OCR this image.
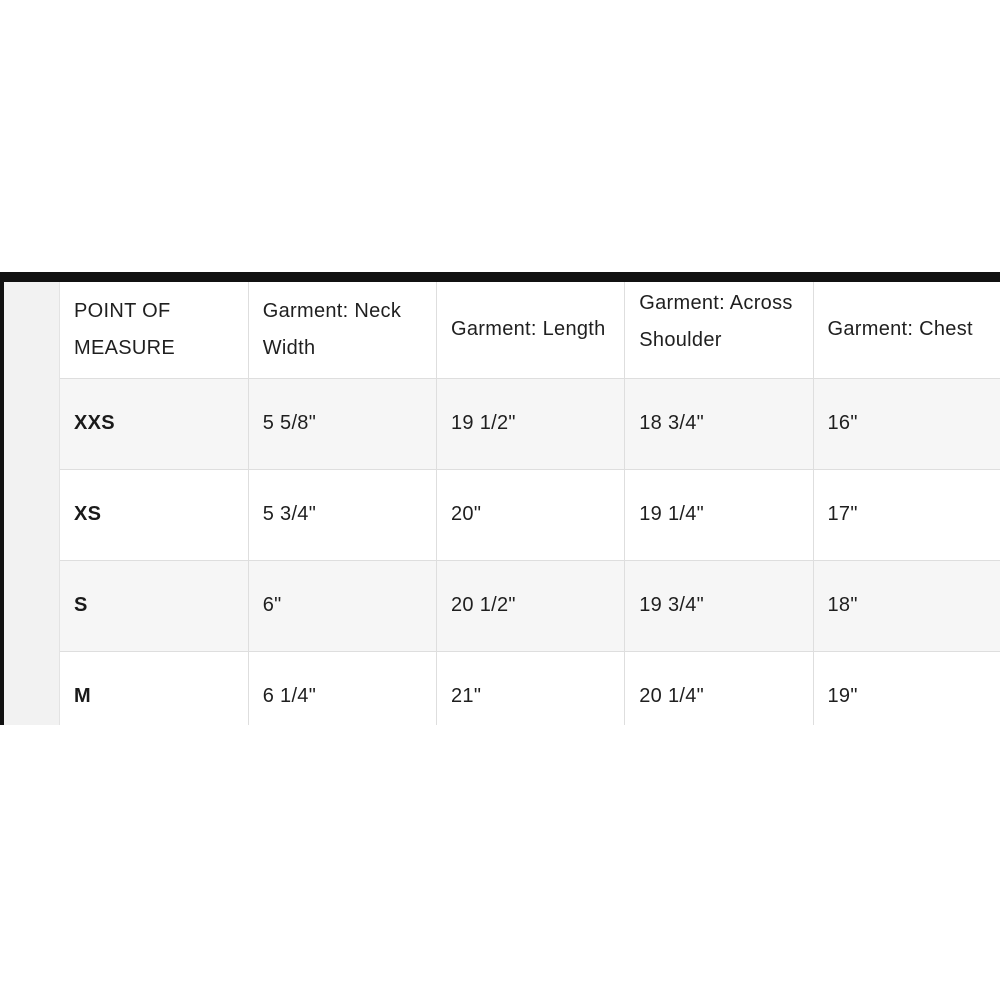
POINT OF MEASURE	Garment: Neck Width	Garment: Length	Garment: Across Shoulder	Garment: Chest	
XXS	5 5/8"	19 1/2"	18 3/4"	16"	
XS	5 3/4"	20"	19 1/4"	17"	
S	6"	20 1/2"	19 3/4"	18"	
M	6 1/4"	21"	20 1/4"	19"	
